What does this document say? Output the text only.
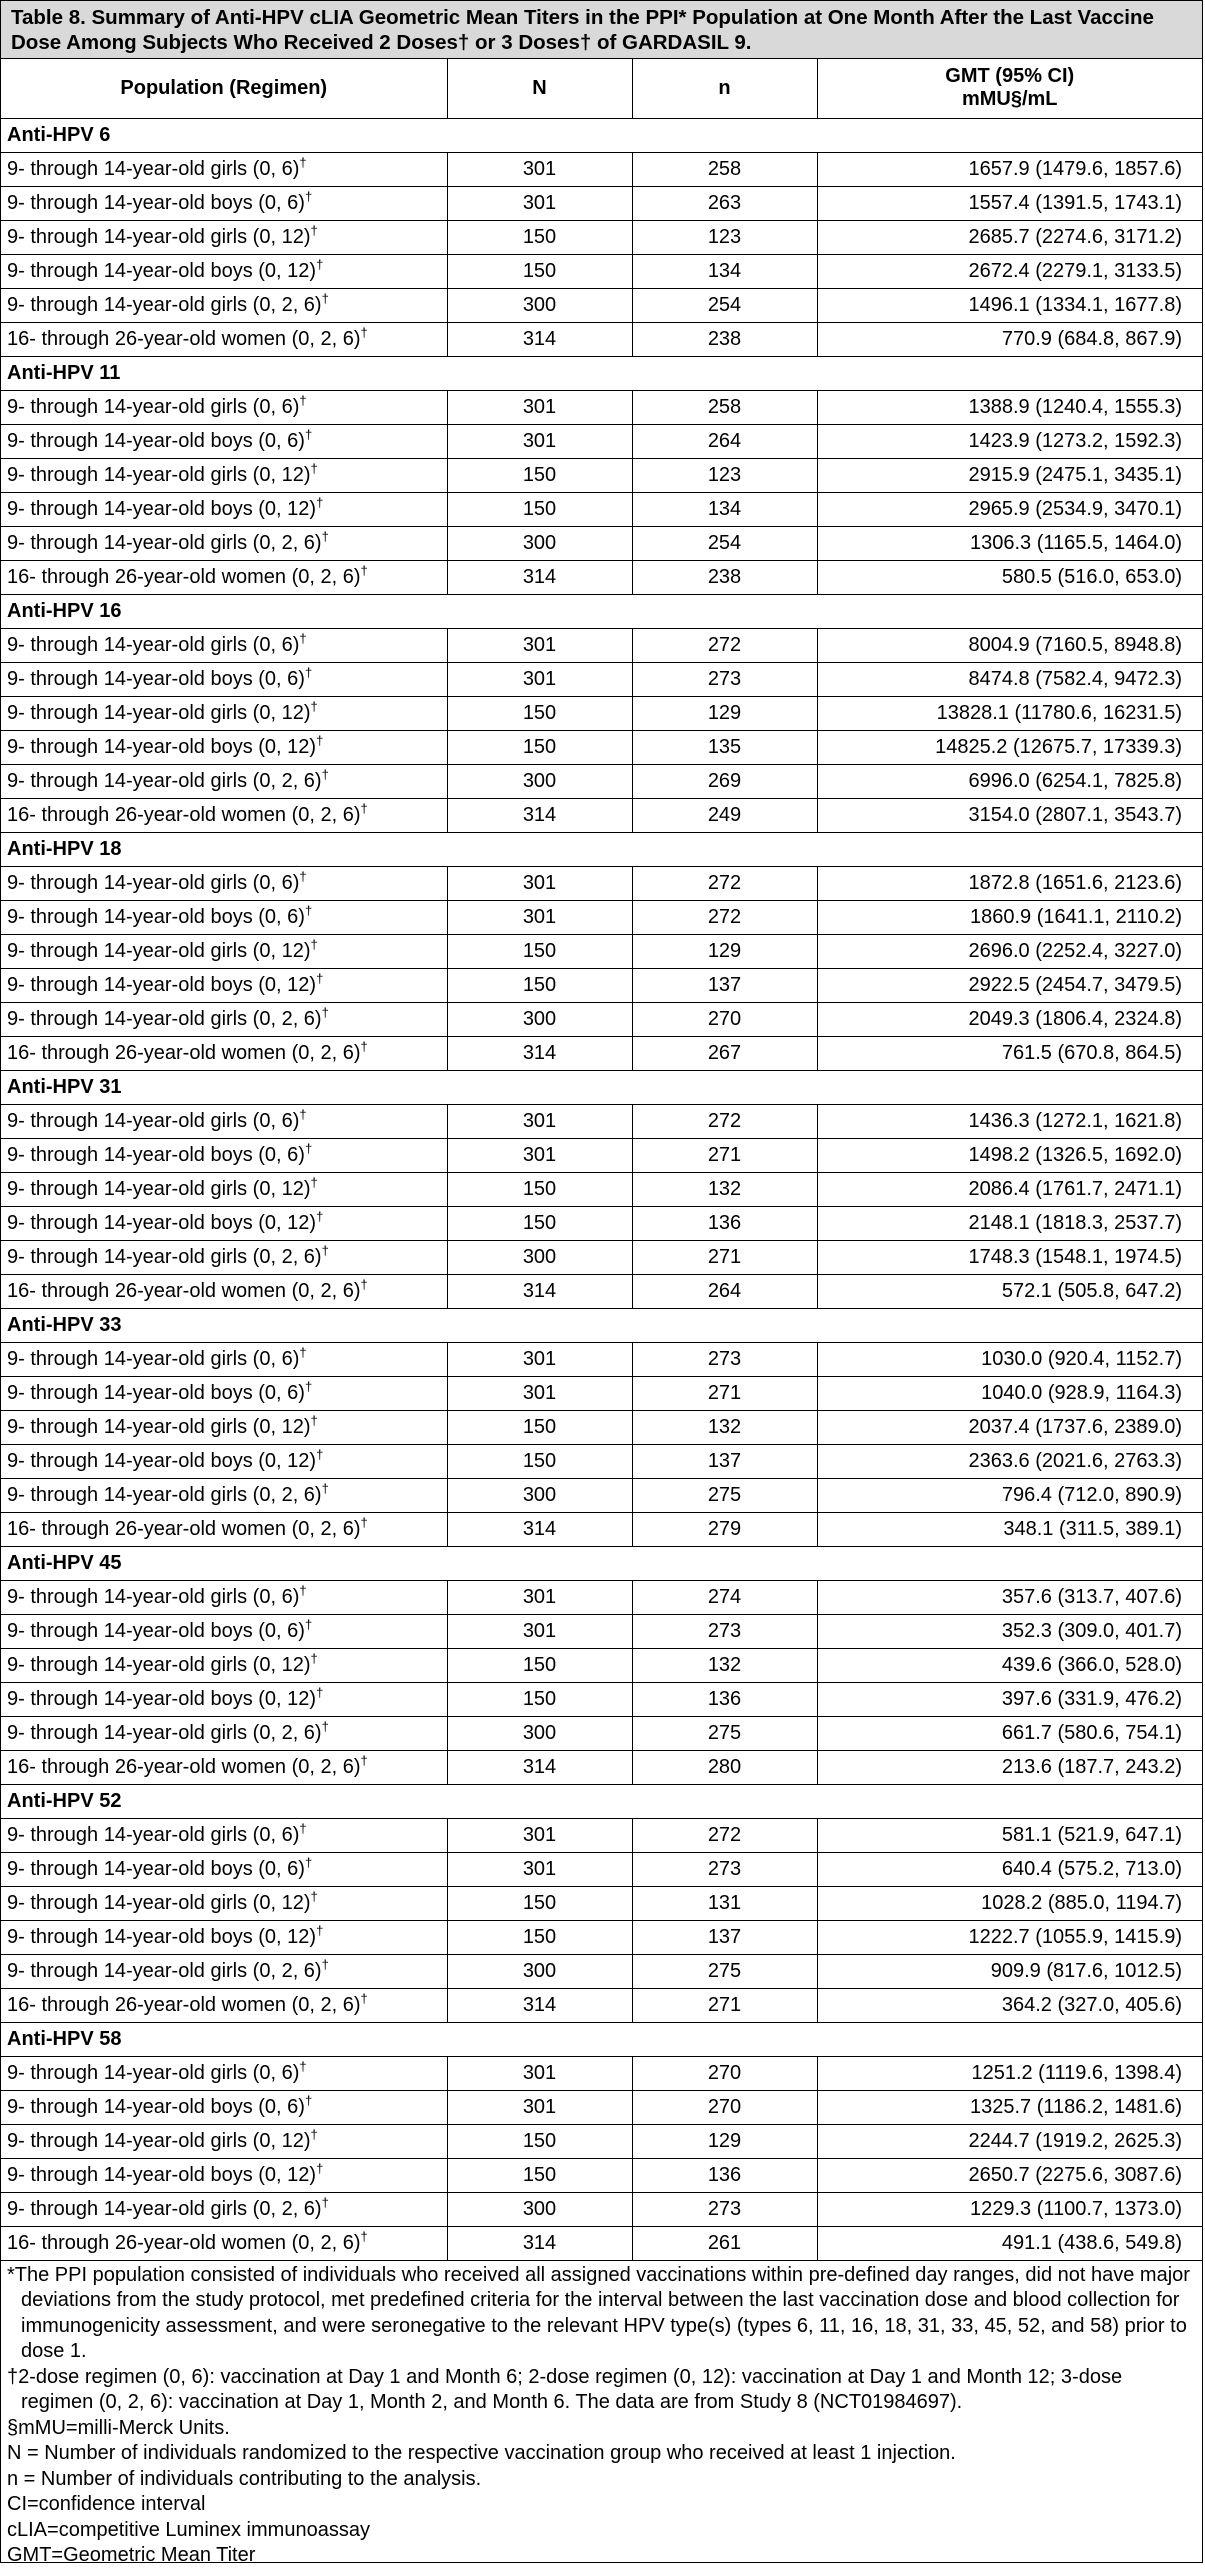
Table 8. Summary of Anti-HPV cLIA Geometric Mean Titers in the PPI* Population at One Month After the Last Vaccine Dose Among Subjects Who Received 2 Doses† or 3 Doses† of GARDASIL 9.
Population (Regimen)	N	n	GMT (95% CI)
mMU§/mL
Anti-HPV 6			
9- through 14-year-old girls (0, 6)†	301	258	1657.9 (1479.6, 1857.6)
9- through 14-year-old boys (0, 6)†	301	263	1557.4 (1391.5, 1743.1)
9- through 14-year-old girls (0, 12)†	150	123	2685.7 (2274.6, 3171.2)
9- through 14-year-old boys (0, 12)†	150	134	2672.4 (2279.1, 3133.5)
9- through 14-year-old girls (0, 2, 6)†	300	254	1496.1 (1334.1, 1677.8)
16- through 26-year-old women (0, 2, 6)†	314	238	770.9 (684.8, 867.9)
Anti-HPV 11			
9- through 14-year-old girls (0, 6)†	301	258	1388.9 (1240.4, 1555.3)
9- through 14-year-old boys (0, 6)†	301	264	1423.9 (1273.2, 1592.3)
9- through 14-year-old girls (0, 12)†	150	123	2915.9 (2475.1, 3435.1)
9- through 14-year-old boys (0, 12)†	150	134	2965.9 (2534.9, 3470.1)
9- through 14-year-old girls (0, 2, 6)†	300	254	1306.3 (1165.5, 1464.0)
16- through 26-year-old women (0, 2, 6)†	314	238	580.5 (516.0, 653.0)
Anti-HPV 16			
9- through 14-year-old girls (0, 6)†	301	272	8004.9 (7160.5, 8948.8)
9- through 14-year-old boys (0, 6)†	301	273	8474.8 (7582.4, 9472.3)
9- through 14-year-old girls (0, 12)†	150	129	13828.1 (11780.6, 16231.5)
9- through 14-year-old boys (0, 12)†	150	135	14825.2 (12675.7, 17339.3)
9- through 14-year-old girls (0, 2, 6)†	300	269	6996.0 (6254.1, 7825.8)
16- through 26-year-old women (0, 2, 6)†	314	249	3154.0 (2807.1, 3543.7)
Anti-HPV 18			
9- through 14-year-old girls (0, 6)†	301	272	1872.8 (1651.6, 2123.6)
9- through 14-year-old boys (0, 6)†	301	272	1860.9 (1641.1, 2110.2)
9- through 14-year-old girls (0, 12)†	150	129	2696.0 (2252.4, 3227.0)
9- through 14-year-old boys (0, 12)†	150	137	2922.5 (2454.7, 3479.5)
9- through 14-year-old girls (0, 2, 6)†	300	270	2049.3 (1806.4, 2324.8)
16- through 26-year-old women (0, 2, 6)†	314	267	761.5 (670.8, 864.5)
Anti-HPV 31			
9- through 14-year-old girls (0, 6)†	301	272	1436.3 (1272.1, 1621.8)
9- through 14-year-old boys (0, 6)†	301	271	1498.2 (1326.5, 1692.0)
9- through 14-year-old girls (0, 12)†	150	132	2086.4 (1761.7, 2471.1)
9- through 14-year-old boys (0, 12)†	150	136	2148.1 (1818.3, 2537.7)
9- through 14-year-old girls (0, 2, 6)†	300	271	1748.3 (1548.1, 1974.5)
16- through 26-year-old women (0, 2, 6)†	314	264	572.1 (505.8, 647.2)
Anti-HPV 33			
9- through 14-year-old girls (0, 6)†	301	273	1030.0 (920.4, 1152.7)
9- through 14-year-old boys (0, 6)†	301	271	1040.0 (928.9, 1164.3)
9- through 14-year-old girls (0, 12)†	150	132	2037.4 (1737.6, 2389.0)
9- through 14-year-old boys (0, 12)†	150	137	2363.6 (2021.6, 2763.3)
9- through 14-year-old girls (0, 2, 6)†	300	275	796.4 (712.0, 890.9)
16- through 26-year-old women (0, 2, 6)†	314	279	348.1 (311.5, 389.1)
Anti-HPV 45			
9- through 14-year-old girls (0, 6)†	301	274	357.6 (313.7, 407.6)
9- through 14-year-old boys (0, 6)†	301	273	352.3 (309.0, 401.7)
9- through 14-year-old girls (0, 12)†	150	132	439.6 (366.0, 528.0)
9- through 14-year-old boys (0, 12)†	150	136	397.6 (331.9, 476.2)
9- through 14-year-old girls (0, 2, 6)†	300	275	661.7 (580.6, 754.1)
16- through 26-year-old women (0, 2, 6)†	314	280	213.6 (187.7, 243.2)
Anti-HPV 52			
9- through 14-year-old girls (0, 6)†	301	272	581.1 (521.9, 647.1)
9- through 14-year-old boys (0, 6)†	301	273	640.4 (575.2, 713.0)
9- through 14-year-old girls (0, 12)†	150	131	1028.2 (885.0, 1194.7)
9- through 14-year-old boys (0, 12)†	150	137	1222.7 (1055.9, 1415.9)
9- through 14-year-old girls (0, 2, 6)†	300	275	909.9 (817.6, 1012.5)
16- through 26-year-old women (0, 2, 6)†	314	271	364.2 (327.0, 405.6)
Anti-HPV 58			
9- through 14-year-old girls (0, 6)†	301	270	1251.2 (1119.6, 1398.4)
9- through 14-year-old boys (0, 6)†	301	270	1325.7 (1186.2, 1481.6)
9- through 14-year-old girls (0, 12)†	150	129	2244.7 (1919.2, 2625.3)
9- through 14-year-old boys (0, 12)†	150	136	2650.7 (2275.6, 3087.6)
9- through 14-year-old girls (0, 2, 6)†	300	273	1229.3 (1100.7, 1373.0)
16- through 26-year-old women (0, 2, 6)†	314	261	491.1 (438.6, 549.8)

*The PPI population consisted of individuals who received all assigned vaccinations within pre-defined day ranges, did not have major deviations from the study protocol, met predefined criteria for the interval between the last vaccination dose and blood collection for immunogenicity assessment, and were seronegative to the relevant HPV type(s) (types 6, 11, 16, 18, 31, 33, 45, 52, and 58) prior to dose 1.

†2-dose regimen (0, 6): vaccination at Day 1 and Month 6; 2-dose regimen (0, 12): vaccination at Day 1 and Month 12; 3-dose regimen (0, 2, 6): vaccination at Day 1, Month 2, and Month 6. The data are from Study 8 (NCT01984697).

§mMU=milli-Merck Units.

N = Number of individuals randomized to the respective vaccination group who received at least 1 injection.

n = Number of individuals contributing to the analysis.

CI=confidence interval

cLIA=competitive Luminex immunoassay

GMT=Geometric Mean Titer
